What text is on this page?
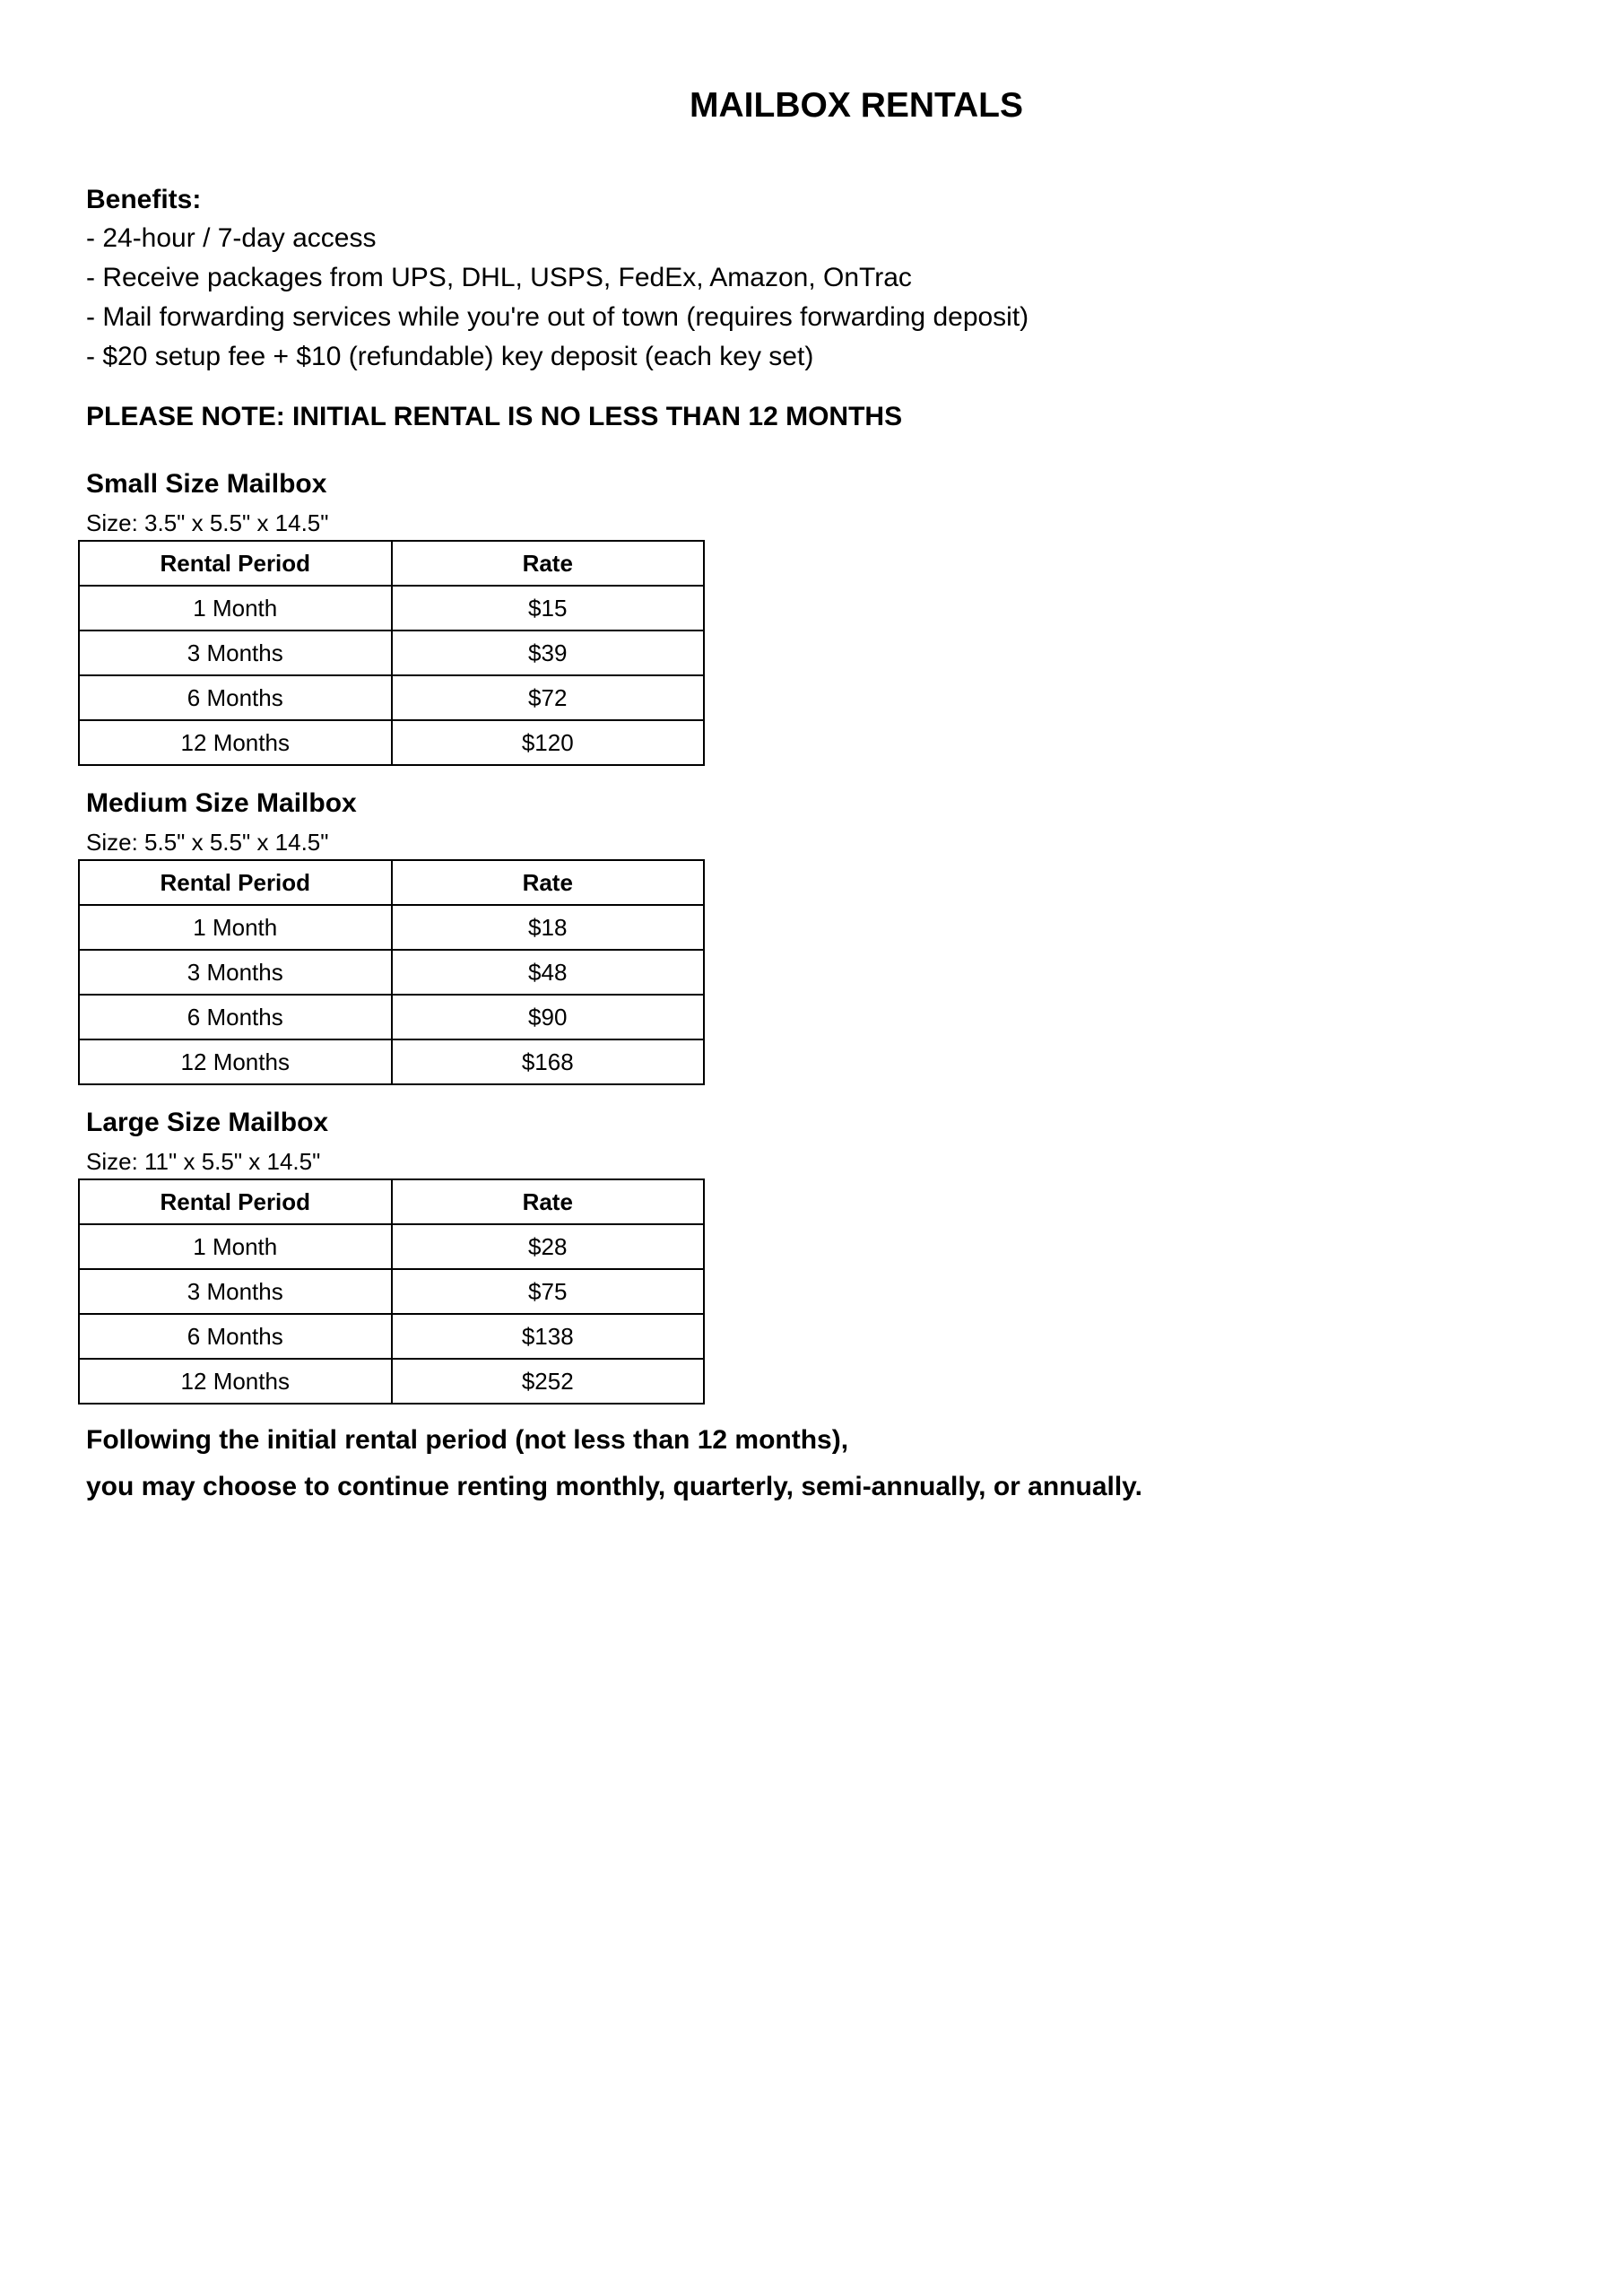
MAILBOX RENTALS

Benefits:

- 24-hour / 7-day access

- Receive packages from UPS, DHL, USPS, FedEx, Amazon, OnTrac

- Mail forwarding services while you're out of town (requires forwarding deposit)

- $20 setup fee + $10 (refundable) key deposit (each key set)

PLEASE NOTE: INITIAL RENTAL IS NO LESS THAN 12 MONTHS

Small Size Mailbox

Size: 3.5" x 5.5" x 14.5"

Rental Period	Rate
1 Month	$15
3 Months	$39
6 Months	$72
12 Months	$120

Medium Size Mailbox

Size: 5.5" x 5.5" x 14.5"

Rental Period	Rate
1 Month	$18
3 Months	$48
6 Months	$90
12 Months	$168

Large Size Mailbox

Size: 11" x 5.5" x 14.5"

Rental Period	Rate
1 Month	$28
3 Months	$75
6 Months	$138
12 Months	$252

Following the initial rental period (not less than 12 months),

you may choose to continue renting monthly, quarterly, semi-annually, or annually.
